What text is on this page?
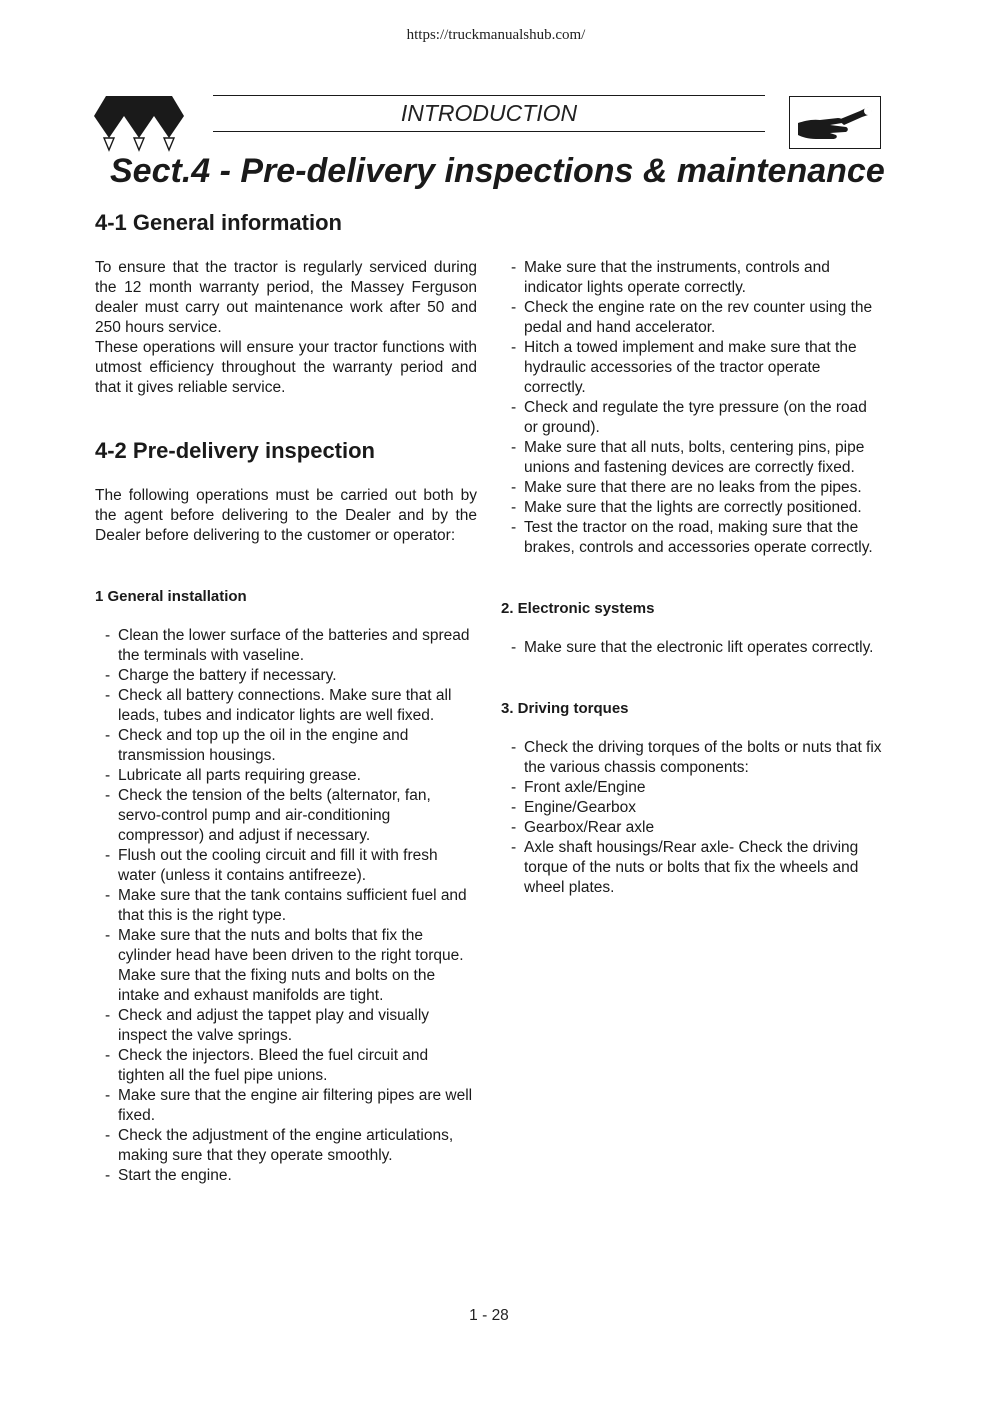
https://truckmanualshub.com/
INTRODUCTION
Sect.4 - Pre-delivery inspections & maintenance
4-1 General information

To ensure that the tractor is regularly serviced during the 12 month warranty period, the Massey Ferguson dealer must carry out maintenance work after 50 and 250 hours service.

These operations will ensure your tractor functions with utmost efficiency throughout the warranty period and that it gives reliable service.

4-2 Pre-delivery inspection

The following operations must be carried out both by the agent before delivering to the Dealer and by the Dealer before delivering to the customer or operator:

1 General installation
- Clean the lower surface of the batteries and spread the terminals with vaseline.
- Charge the battery if necessary.
- Check all battery connections. Make sure that all leads, tubes and indicator lights are well fixed.
- Check and top up the oil in the engine and transmission housings.
- Lubricate all parts requiring grease.
- Check the tension of the belts (alternator, fan, servo-control pump and air-conditioning compressor) and adjust if necessary.
- Flush out the cooling circuit and fill it with fresh water (unless it contains antifreeze).
- Make sure that the tank contains sufficient fuel and that this is the right type.
- Make sure that the nuts and bolts that fix the cylinder head have been driven to the right torque. Make sure that the fixing nuts and bolts on the intake and exhaust manifolds are tight.
- Check and adjust the tappet play and visually inspect the valve springs.
- Check the injectors. Bleed the fuel circuit and tighten all the fuel pipe unions.
- Make sure that the engine air filtering pipes are well fixed.
- Check the adjustment of the engine articulations, making sure that they operate smoothly.
- Start the engine.
- Make sure that the instruments, controls and indicator lights operate correctly.
- Check the engine rate on the rev counter using the pedal and hand accelerator.
- Hitch a towed implement and make sure that the hydraulic accessories of the tractor operate correctly.
- Check and regulate the tyre pressure (on the road or ground).
- Make sure that all nuts, bolts, centering pins, pipe unions and fastening devices are correctly fixed.
- Make sure that there are no leaks from the pipes.
- Make sure that the lights are correctly positioned.
- Test the tractor on the road, making sure that the brakes, controls and accessories operate correctly.
2. Electronic systems
- Make sure that the electronic lift operates correctly.
3. Driving torques
- Check the driving torques of the bolts or nuts that fix the various chassis components:
- Front axle/Engine
- Engine/Gearbox
- Gearbox/Rear axle
- Axle shaft housings/Rear axle- Check the driving torque of the nuts or bolts that fix the wheels and wheel plates.
1 - 28
